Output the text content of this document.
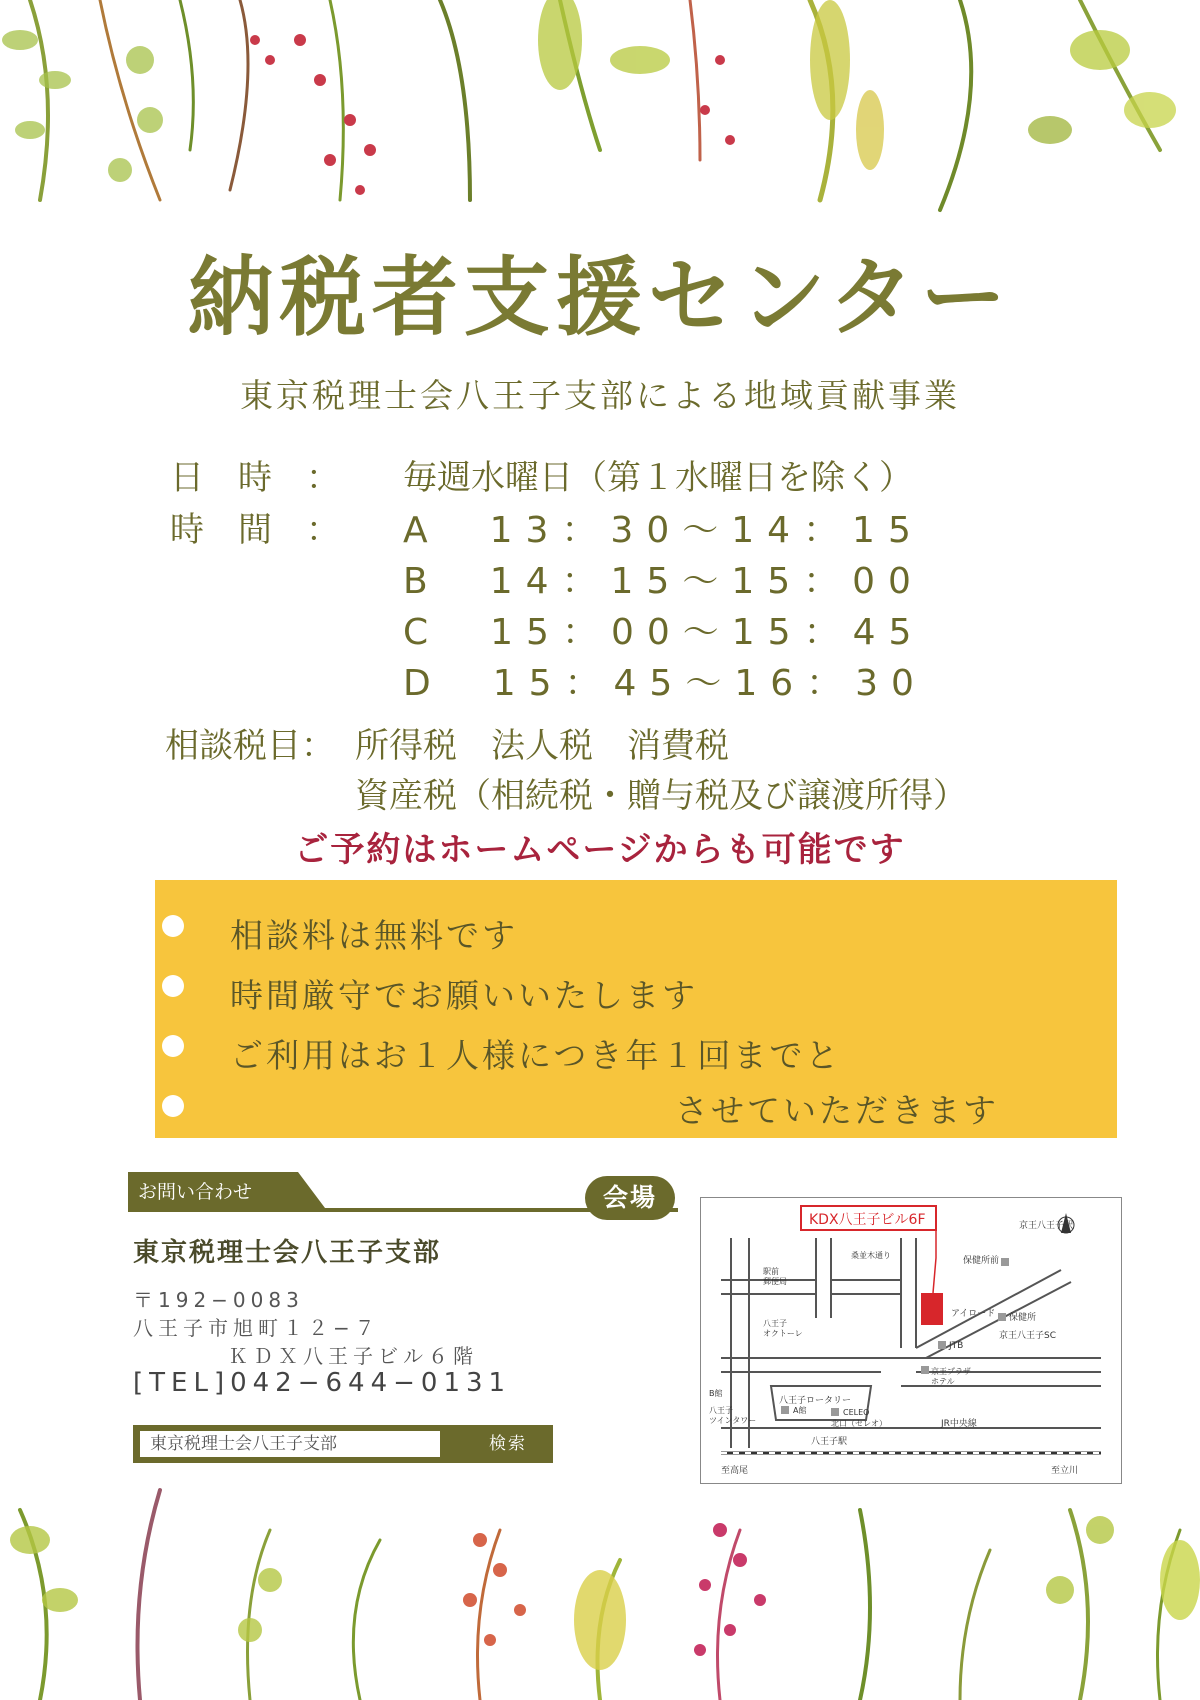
納税者支援センター
東京税理士会八王子支部による地域貢献事業
日　時　： 毎週水曜日（第１水曜日を除く）
時　間　： A　13：30〜14：15
B　14：15〜15：00
C　15：00〜15：45
D　15：45〜16：30
相談税目： 所得税　法人税　消費税
資産税（相続税・贈与税及び譲渡所得）
ご予約はホームページからも可能です
相談料は無料です
時間厳守でお願いいたします
ご利用はお１人様につき年１回までと
させていただきます
お問い合わせ
東京税理士会八王子支部
〒192−0083
八王子市旭町１２−７
ＫＤＸ八王子ビル６階
[TEL]042−644−0131
東京税理士会八王子支部	検索
会場
KDX八王子ビル6F	京王八王子駅
保健所前
保健所
京王八王子SC
JTB
京王プラザホテル
駅前郵便局
八王子オクトーレ
桑並木通り
アイロード
八王子ロータリー
B館
A館
八王子ツインタワー
CELEO
北口（セレオ）
八王子駅
JR中央線
至高尾	至立川
